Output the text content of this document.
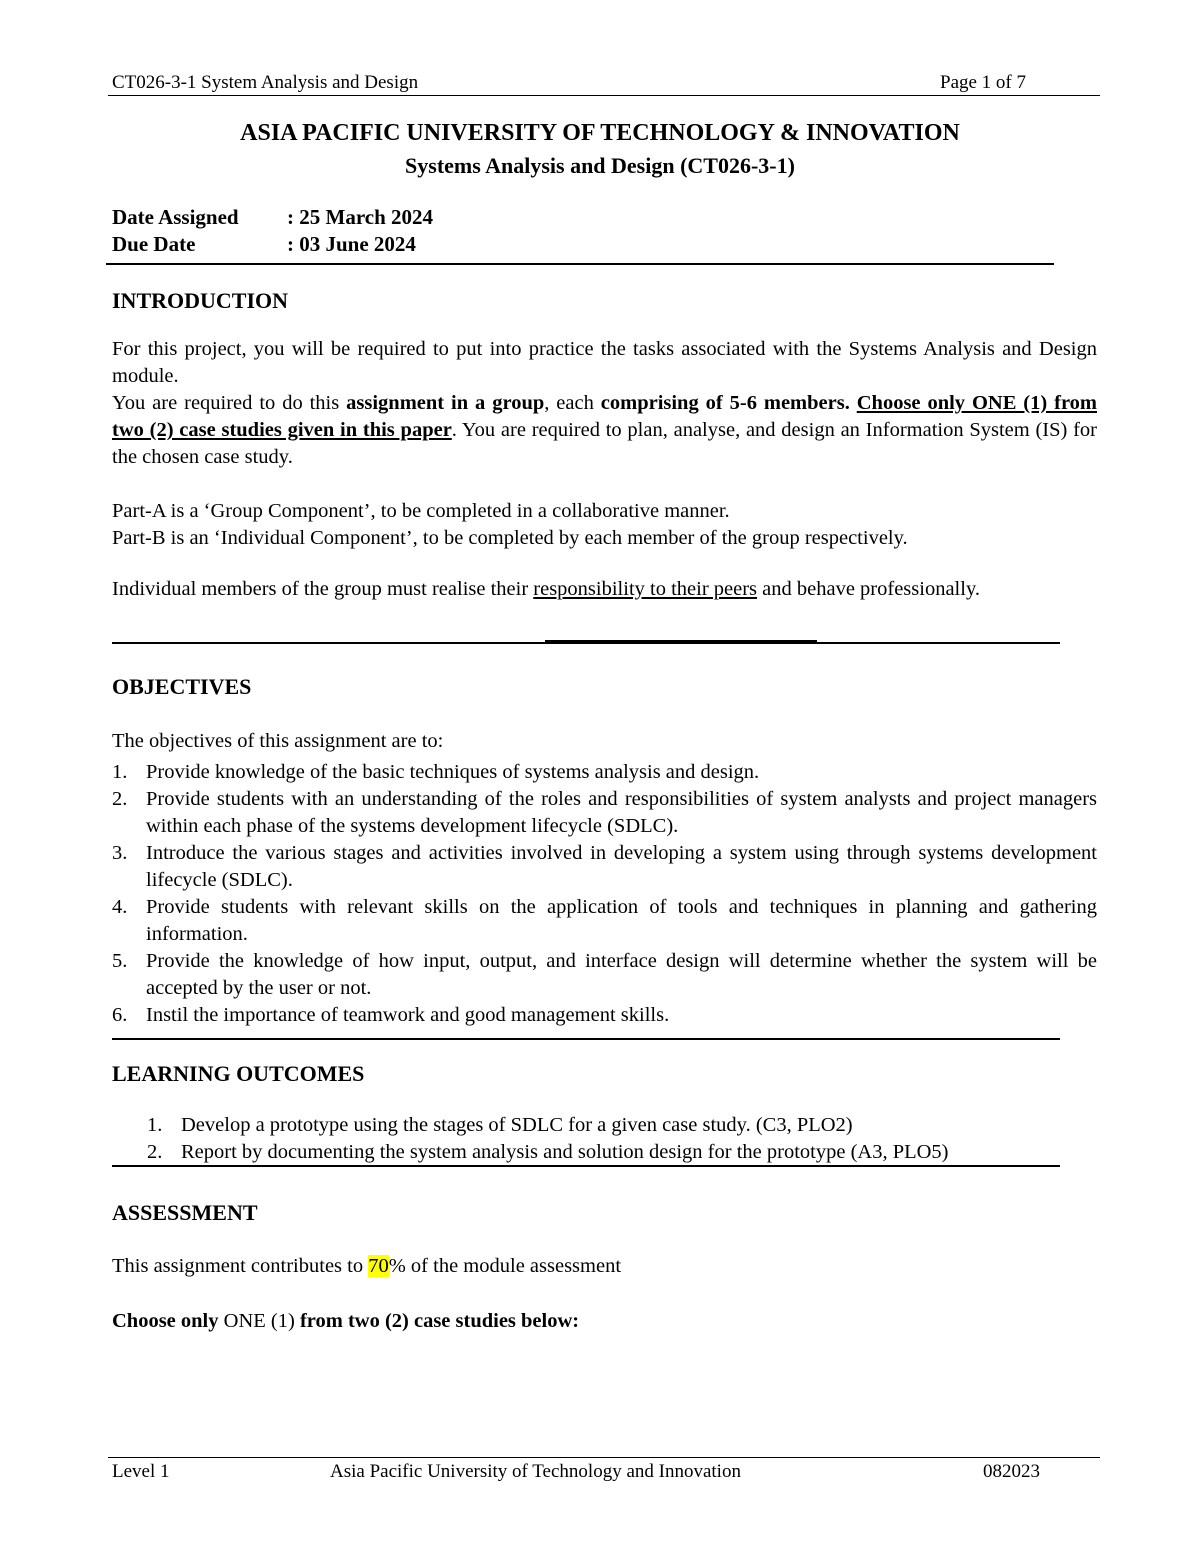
CT026-3-1 System Analysis and Design	Page 1 of 7
ASIA PACIFIC UNIVERSITY OF TECHNOLOGY & INNOVATION
Systems Analysis and Design (CT026-3-1)
Date Assigned : 25 March 2024
Due Date	: 03 June 2024
INTRODUCTION

For this project, you will be required to put into practice the tasks associated with the Systems Analysis and Design module.

You are required to do this assignment in a group, each comprising of 5-6 members. Choose only ONE (1) from two (2) case studies given in this paper. You are required to plan, analyse, and design an Information System (IS) for the chosen case study.

Part-A is a ‘Group Component’, to be completed in a collaborative manner.

Part-B is an ‘Individual Component’, to be completed by each member of the group respectively.

Individual members of the group must realise their responsibility to their peers and behave professionally.

OBJECTIVES

The objectives of this assignment are to:

1. Provide knowledge of the basic techniques of systems analysis and design.
2. Provide students with an understanding of the roles and responsibilities of system analysts and project managers within each phase of the systems development lifecycle (SDLC).
3. Introduce the various stages and activities involved in developing a system using through systems development lifecycle (SDLC).
4. Provide students with relevant skills on the application of tools and techniques in planning and gathering information.
5. Provide the knowledge of how input, output, and interface design will determine whether the system will be accepted by the user or not.
6. Instil the importance of teamwork and good management skills.
LEARNING OUTCOMES
1. Develop a prototype using the stages of SDLC for a given case study. (C3, PLO2)
2. Report by documenting the system analysis and solution design for the prototype (A3, PLO5)
ASSESSMENT

This assignment contributes to 70% of the module assessment

Choose only ONE (1) from two (2) case studies below:

Level 1	Asia Pacific University of Technology and Innovation	082023
